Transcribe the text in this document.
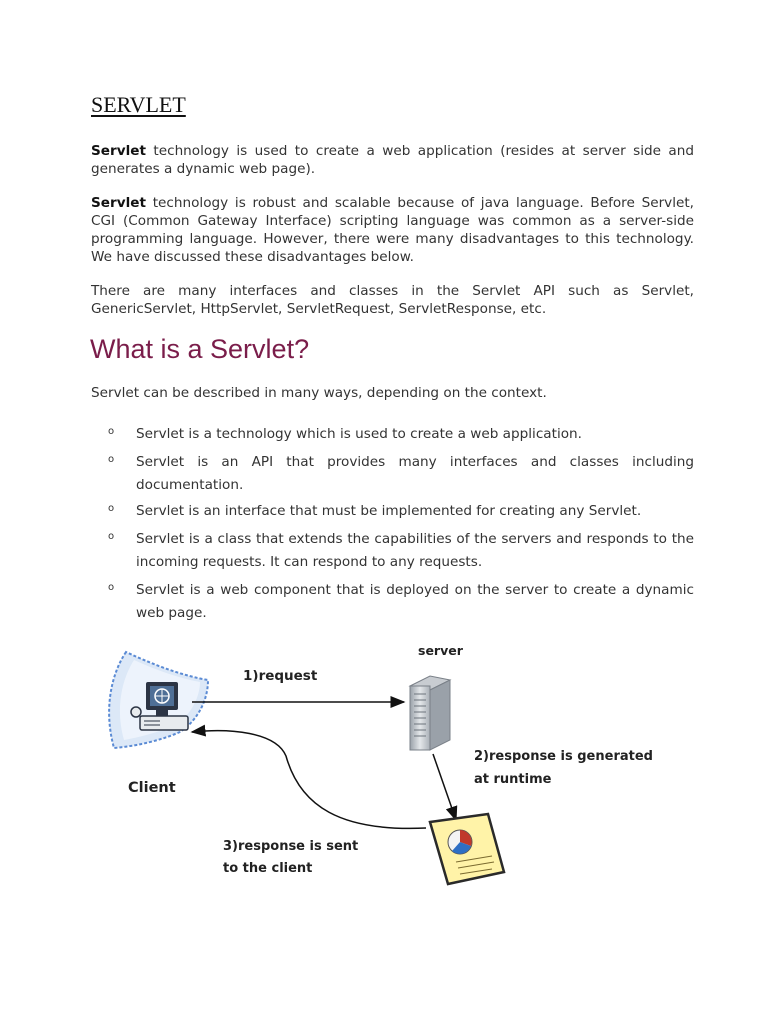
SERVLET

Servlet technology is used to create a web application (resides at server side and generates a dynamic web page).

Servlet technology is robust and scalable because of java language. Before Servlet, CGI (Common Gateway Interface) scripting language was common as a server-side programming language. However, there were many disadvantages to this technology. We have discussed these disadvantages below.

There are many interfaces and classes in the Servlet API such as Servlet, GenericServlet, HttpServlet, ServletRequest, ServletResponse, etc.

What is a Servlet?

Servlet can be described in many ways, depending on the context.

o Servlet is a technology which is used to create a web application.

o Servlet is an API that provides many interfaces and classes including documentation.

o Servlet is an interface that must be implemented for creating any Servlet.

o Servlet is a class that extends the capabilities of the servers and responds to the incoming requests. It can respond to any requests.

o Servlet is a web component that is deployed on the server to create a dynamic web page.

server
1)request
Client
2)response is generated
at runtime
3)response is sent
to the client
